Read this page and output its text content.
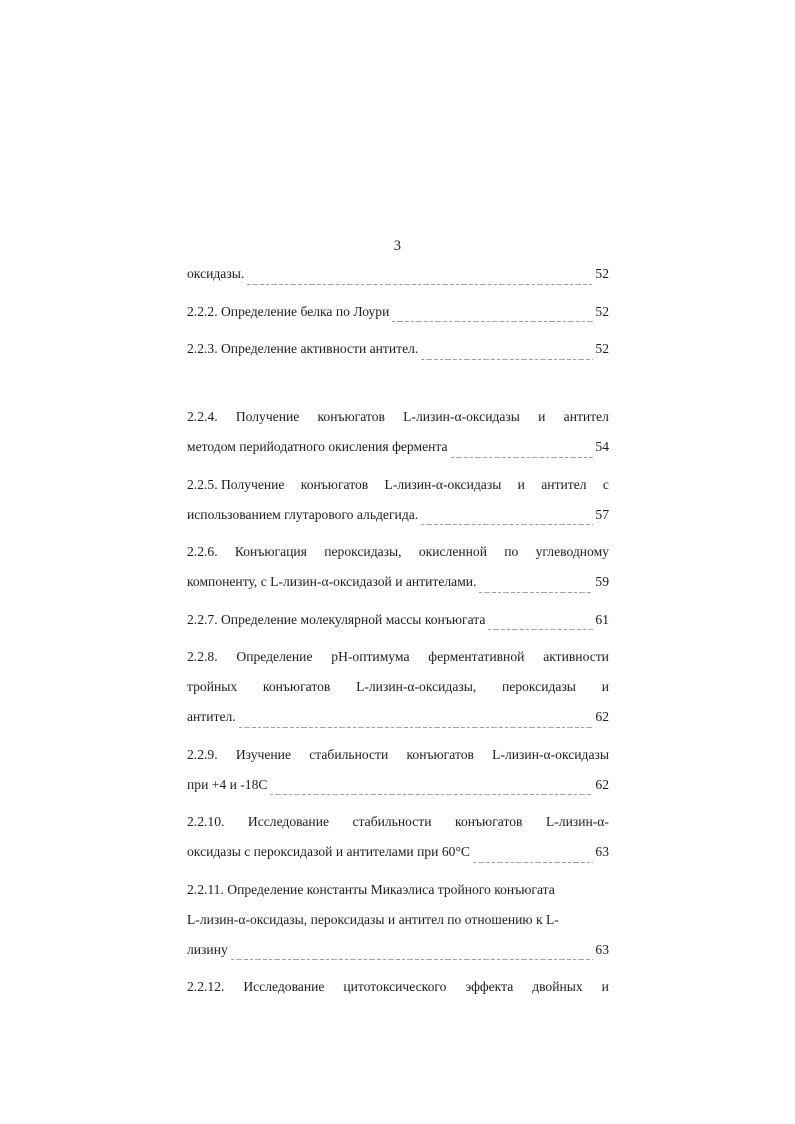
3
оксидазы.	52
2.2.2. Определение белка по Лоури	52
2.2.3. Определение активности антител.	52
2.2.4. Получение конъюгатов L-лизин-α-оксидазы и антител
методом перийодатного окисления фермента	54
2.2.5. Получение конъюгатов L-лизин-α-оксидазы и антител с
использованием глутарового альдегида.	57
2.2.6. Конъюгация пероксидазы, окисленной по углеводному
компоненту, с L-лизин-α-оксидазой и антителами.	59
2.2.7. Определение молекулярной массы конъюгата	61
2.2.8. Определение pH-оптимума ферментативной активности
тройных конъюгатов L-лизин-α-оксидазы, пероксидазы и
антител.	62
2.2.9. Изучение стабильности конъюгатов L-лизин-α-оксидазы
при +4 и -18C	62
2.2.10. Исследование стабильности конъюгатов L-лизин-α-
оксидазы с пероксидазой и антителами при 60°C	63
2.2.11. Определение константы Микаэлиса тройного конъюгата
L-лизин-α-оксидазы, пероксидазы и антител по отношению к L-
лизину	63
2.2.12. Исследование цитотоксического эффекта двойных и
